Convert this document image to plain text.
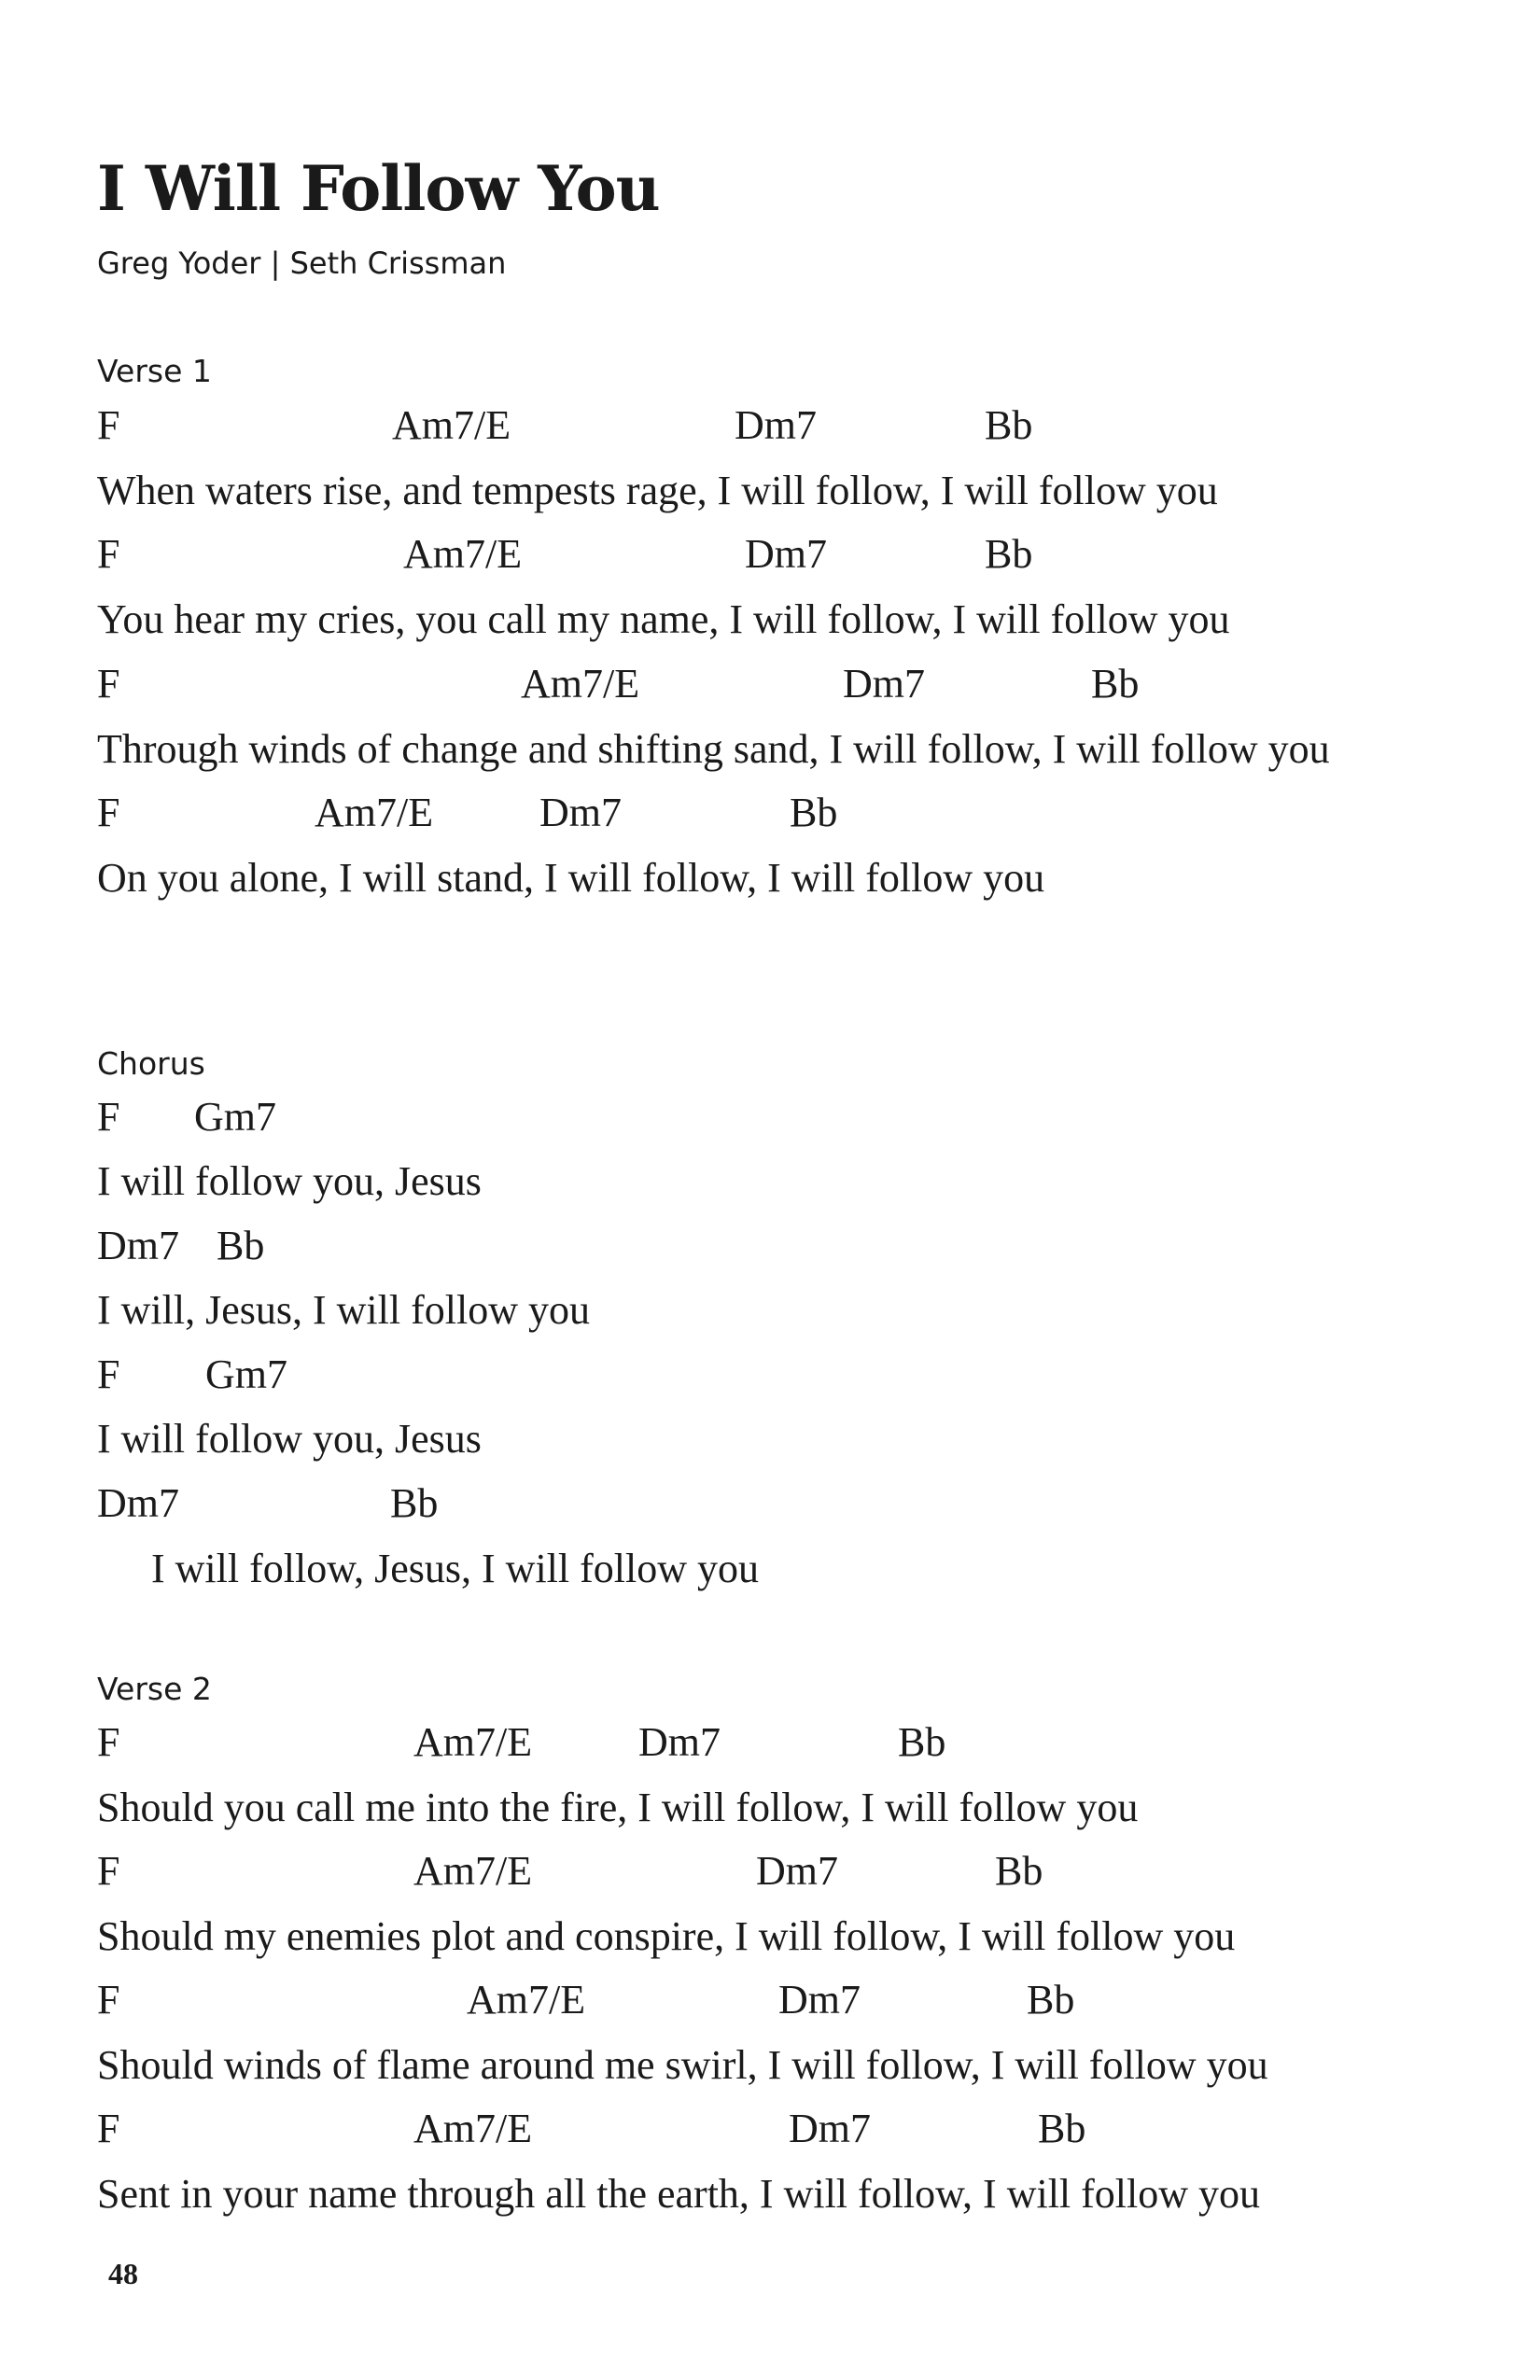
I Will Follow You
Greg Yoder | Seth Crissman
Verse 1
F	Am7/E	Dm7	Bb
When waters rise, and tempests rage, I will follow, I will follow you
F	Am7/E	Dm7	Bb
You hear my cries, you call my name, I will follow, I will follow you
F	Am7/E	Dm7	Bb
Through winds of change and shifting sand, I will follow, I will follow you
F	Am7/E	Dm7	Bb
On you alone, I will stand, I will follow, I will follow you
Chorus
F Gm7
I will follow you, Jesus
Dm7 Bb
I will, Jesus, I will follow you
F Gm7
I will follow you, Jesus
Dm7	Bb
I will follow, Jesus, I will follow you
Verse 2
F	Am7/E	Dm7	Bb
Should you call me into the fire, I will follow, I will follow you
F	Am7/E	Dm7	Bb
Should my enemies plot and conspire, I will follow, I will follow you
F	Am7/E	Dm7	Bb
Should winds of flame around me swirl, I will follow, I will follow you
F	Am7/E	Dm7	Bb
Sent in your name through all the earth, I will follow, I will follow you
48
